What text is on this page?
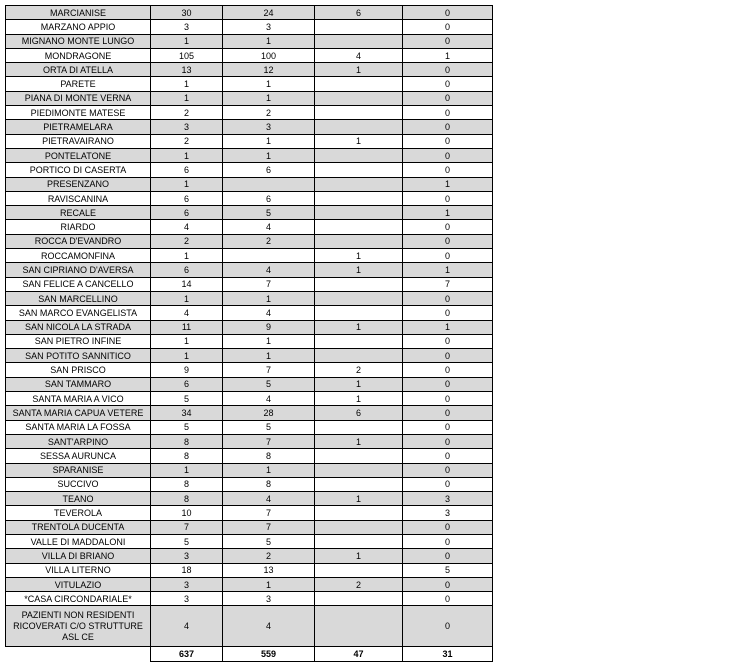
MARCIANISE	30	24	6	0
MARZANO APPIO	3	3		0
MIGNANO MONTE LUNGO	1	1		0
MONDRAGONE	105	100	4	1
ORTA DI ATELLA	13	12	1	0
PARETE	1	1		0
PIANA DI MONTE VERNA	1	1		0
PIEDIMONTE MATESE	2	2		0
PIETRAMELARA	3	3		0
PIETRAVAIRANO	2	1	1	0
PONTELATONE	1	1		0
PORTICO DI CASERTA	6	6		0
PRESENZANO	1			1
RAVISCANINA	6	6		0
RECALE	6	5		1
RIARDO	4	4		0
ROCCA D'EVANDRO	2	2		0
ROCCAMONFINA	1		1	0
SAN CIPRIANO D'AVERSA	6	4	1	1
SAN FELICE A CANCELLO	14	7		7
SAN MARCELLINO	1	1		0
SAN MARCO EVANGELISTA	4	4		0
SAN NICOLA LA STRADA	11	9	1	1
SAN PIETRO INFINE	1	1		0
SAN POTITO SANNITICO	1	1		0
SAN PRISCO	9	7	2	0
SAN TAMMARO	6	5	1	0
SANTA MARIA A VICO	5	4	1	0
SANTA MARIA CAPUA VETERE	34	28	6	0
SANTA MARIA LA FOSSA	5	5		0
SANT'ARPINO	8	7	1	0
SESSA AURUNCA	8	8		0
SPARANISE	1	1		0
SUCCIVO	8	8		0
TEANO	8	4	1	3
TEVEROLA	10	7		3
TRENTOLA DUCENTA	7	7		0
VALLE DI MADDALONI	5	5		0
VILLA DI BRIANO	3	2	1	0
VILLA LITERNO	18	13		5
VITULAZIO	3	1	2	0
*CASA CIRCONDARIALE*	3	3		0
PAZIENTI NON RESIDENTI RICOVERATI C/O STRUTTURE ASL CE	4	4		0
	637	559	47	31
